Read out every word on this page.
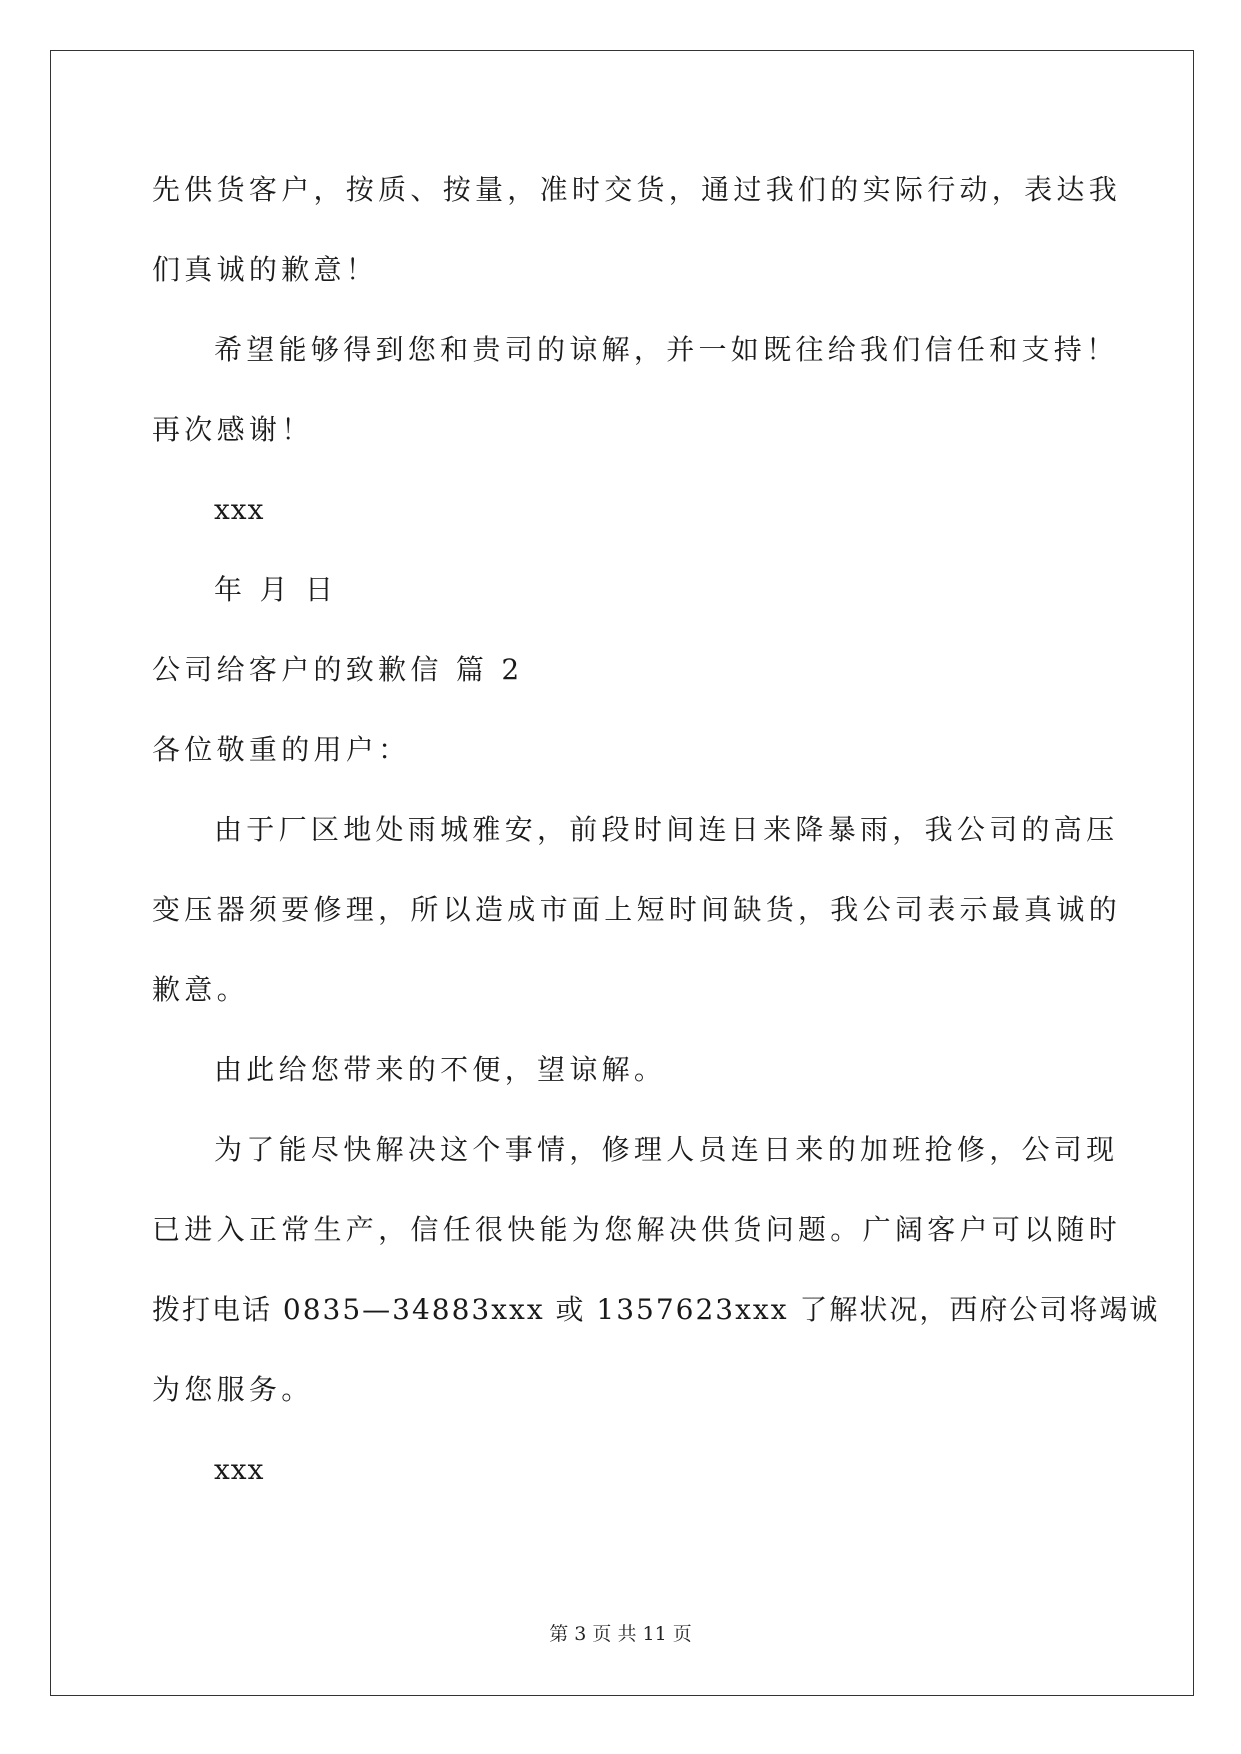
先供货客户，按质、按量，准时交货，通过我们的实际行动，表达我
们真诚的歉意！
希望能够得到您和贵司的谅解，并一如既往给我们信任和支持！
再次感谢！
xxx
年 月 日
公司给客户的致歉信 篇 2
各位敬重的用户：
由于厂区地处雨城雅安，前段时间连日来降暴雨，我公司的高压
变压器须要修理，所以造成市面上短时间缺货，我公司表示最真诚的
歉意。
由此给您带来的不便，望谅解。
为了能尽快解决这个事情，修理人员连日来的加班抢修，公司现
已进入正常生产，信任很快能为您解决供货问题。广阔客户可以随时
拨打电话 0835—34883xxx 或 1357623xxx 了解状况，西府公司将竭诚
为您服务。
xxx
第 3 页 共 11 页
